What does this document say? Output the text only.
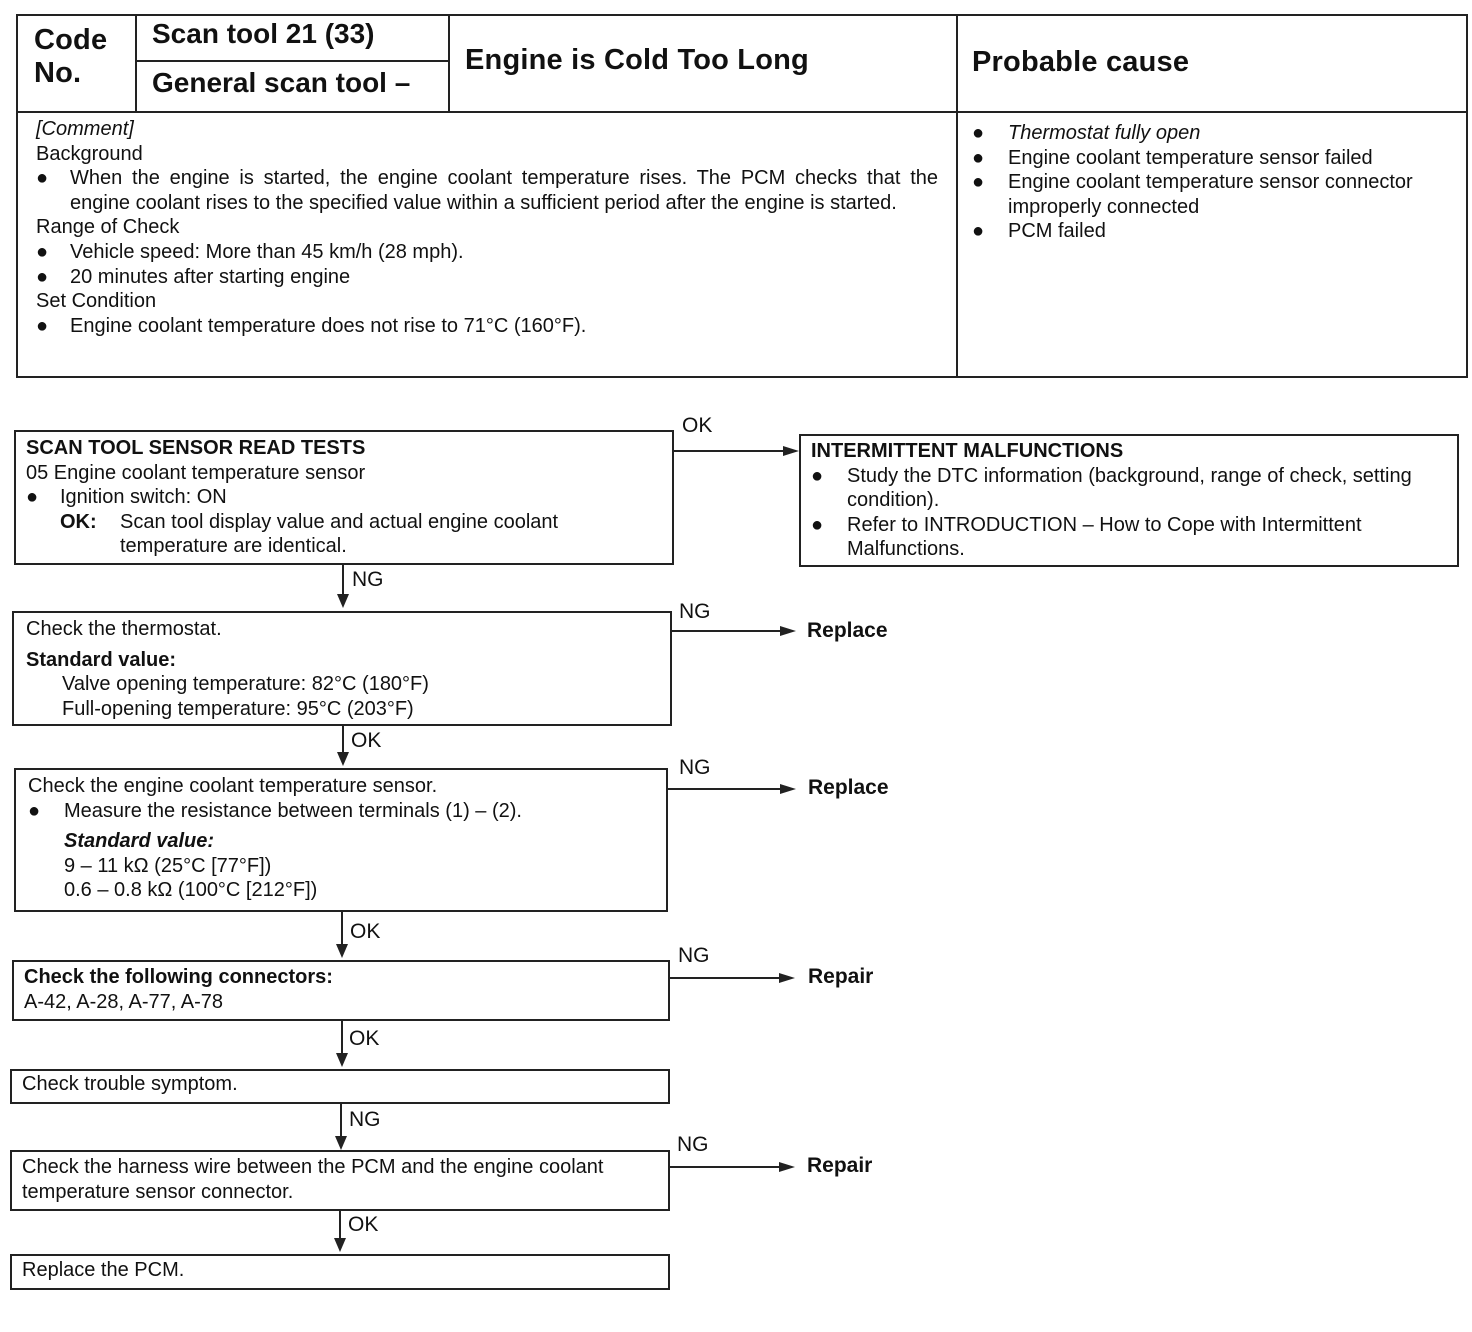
Code No.
Scan tool 21 (33)
General scan tool –
Engine is Cold Too Long	Probable cause
[Comment]
Background
● When the engine is started, the engine coolant temperature rises. The PCM checks that the engine coolant rises to the specified value within a sufficient period after the engine is started.
Range of Check
● Vehicle speed: More than 45 km/h (28 mph).
● 20 minutes after starting engine
Set Condition
● Engine coolant temperature does not rise to 71°C (160°F).
● Thermostat fully open
● Engine coolant temperature sensor failed
● Engine coolant temperature sensor connector improperly connected
● PCM failed
SCAN TOOL SENSOR READ TESTS
05 Engine coolant temperature sensor
● Ignition switch: ON
OK: Scan tool display value and actual engine coolant temperature are identical.
INTERMITTENT MALFUNCTIONS
● Study the DTC information (background, range of check, setting condition).
● Refer to INTRODUCTION – How to Cope with Intermittent Malfunctions.
OK
NG
Check the thermostat.
Standard value:
Valve opening temperature: 82°C (180°F)
Full-opening temperature: 95°C (203°F)
NG
Replace
OK
Check the engine coolant temperature sensor.
● Measure the resistance between terminals (1) – (2).
Standard value:
9 – 11 kΩ (25°C [77°F])
0.6 – 0.8 kΩ (100°C [212°F])
NG
Replace
OK
Check the following connectors:
A-42, A-28, A-77, A-78
NG
Repair
OK
Check trouble symptom.
NG
Check the harness wire between the PCM and the engine coolant temperature sensor connector.
NG
Repair
OK
Replace the PCM.
